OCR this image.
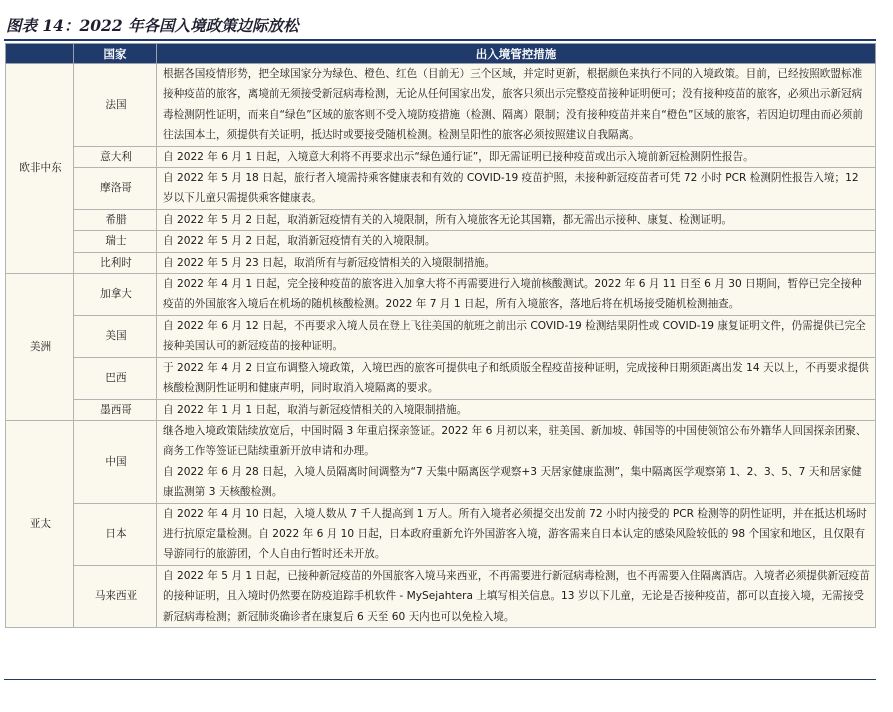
图表 14：2022 年各国入境政策边际放松
	国家	出入境管控措施
欧非中东	法国	根据各国疫情形势，把全球国家分为绿色、橙色、红色（目前无）三个区域，并定时更新，根据颜色来执行不同的入境政策。目前，已经按照欧盟标准接种疫苗的旅客，离境前无须接受新冠病毒检测，无论从任何国家出发，旅客只须出示完整疫苗接种证明便可；没有接种疫苗的旅客，必须出示新冠病毒检测阴性证明，而来自“绿色”区域的旅客则不受入境防疫措施（检测、隔离）限制；没有接种疫苗并来自“橙色”区域的旅客，若因迫切理由而必须前往法国本土，须提供有关证明，抵达时或要接受随机检测。检测呈阳性的旅客必须按照建议自我隔离。

	意大利	自 2022 年 6 月 1 日起，入境意大利将不再要求出示“绿色通行证”，即无需证明已接种疫苗或出示入境前新冠检测阴性报告。

	摩洛哥	自 2022 年 5 月 18 日起，旅行者入境需持乘客健康表和有效的 COVID-19 疫苗护照，未接种新冠疫苗者可凭 72 小时 PCR 检测阴性报告入境；12 岁以下儿童只需提供乘客健康表。

	希腊	自 2022 年 5 月 2 日起，取消新冠疫情有关的入境限制，所有入境旅客无论其国籍，都无需出示接种、康复、检测证明。

	瑞士	自 2022 年 5 月 2 日起，取消新冠疫情有关的入境限制。

	比利时	自 2022 年 5 月 23 日起，取消所有与新冠疫情相关的入境限制措施。

美洲	加拿大	自 2022 年 4 月 1 日起，完全接种疫苗的旅客进入加拿大将不再需要进行入境前核酸测试。2022 年 6 月 11 日至 6 月 30 日期间，暂停已完全接种疫苗的外国旅客入境后在机场的随机核酸检测。2022 年 7 月 1 日起，所有入境旅客，落地后将在机场接受随机检测抽查。

	美国	自 2022 年 6 月 12 日起，不再要求入境人员在登上飞往美国的航班之前出示 COVID-19 检测结果阴性或 COVID-19 康复证明文件，仍需提供已完全接种美国认可的新冠疫苗的接种证明。

	巴西	于 2022 年 4 月 2 日宣布调整入境政策，入境巴西的旅客可提供电子和纸质版全程疫苗接种证明，完成接种日期须距离出发 14 天以上，不再要求提供核酸检测阴性证明和健康声明，同时取消入境隔离的要求。

	墨西哥	自 2022 年 1 月 1 日起，取消与新冠疫情相关的入境限制措施。

亚太	中国	继各地入境政策陆续放宽后，中国时隔 3 年重启探亲签证。2022 年 6 月初以来，驻美国、新加坡、韩国等的中国使领馆公布外籍华人回国探亲团聚、商务工作等签证已陆续重新开放申请和办理。
自 2022 年 6 月 28 日起，入境人员隔离时间调整为“7 天集中隔离医学观察+3 天居家健康监测”，集中隔离医学观察第 1、2、3、5、7 天和居家健康监测第 3 天核酸检测。

	日本	自 2022 年 4 月 10 日起，入境人数从 7 千人提高到 1 万人。所有入境者必须提交出发前 72 小时内接受的 PCR 检测等的阴性证明，并在抵达机场时进行抗原定量检测。自 2022 年 6 月 10 日起，日本政府重新允许外国游客入境，游客需来自日本认定的感染风险较低的 98 个国家和地区，且仅限有导游同行的旅游团，个人自由行暂时还未开放。

	马来西亚	自 2022 年 5 月 1 日起，已接种新冠疫苗的外国旅客入境马来西亚，不再需要进行新冠病毒检测，也不再需要入住隔离酒店。入境者必须提供新冠疫苗的接种证明，且入境时仍然要在防疫追踪手机软件 - MySejahtera 上填写相关信息。13 岁以下儿童，无论是否接种疫苗，都可以直接入境，无需接受新冠病毒检测；新冠肺炎确诊者在康复后 6 天至 60 天内也可以免检入境。
